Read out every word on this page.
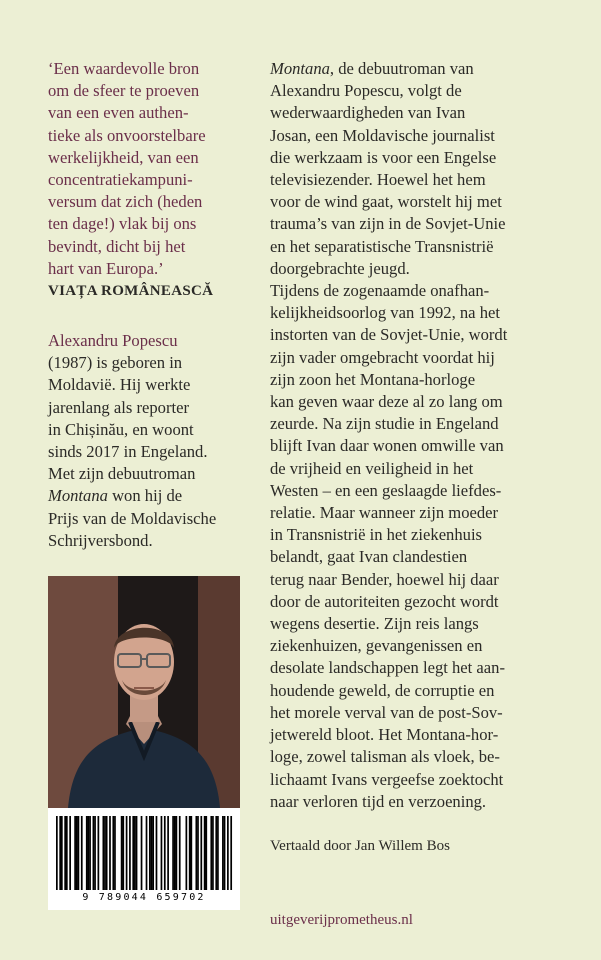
‘Een waardevolle bron
om de sfeer te proeven
van een even authen-
tieke als onvoorstelbare
werkelijkheid, van een
concentratiekampuni-
versum dat zich (heden
ten dage!) vlak bij ons
bevindt, dicht bij het
hart van Europa.’

VIAȚA ROMÂNEASCĂ

Alexandru Popescu
(1987) is geboren in
Moldavië. Hij werkte
jarenlang als reporter
in Chișinău, en woont
sinds 2017 in Engeland.
Met zijn debuutroman
Montana won hij de
Prijs van de Moldavische
Schrijversbond.

9 789044 659702

Montana, de debuutroman van
Alexandru Popescu, volgt de
wederwaardigheden van Ivan
Josan, een Moldavische journalist
die werkzaam is voor een Engelse
televisiezender. Hoewel het hem
voor de wind gaat, worstelt hij met
trauma’s van zijn in de Sovjet-Unie
en het separatistische Transnistrië
doorgebrachte jeugd.
Tijdens de zogenaamde onafhan-
kelijkheidsoorlog van 1992, na het
instorten van de Sovjet-Unie, wordt
zijn vader omgebracht voordat hij
zijn zoon het Montana-horloge
kan geven waar deze al zo lang om
zeurde. Na zijn studie in Engeland
blijft Ivan daar wonen omwille van
de vrijheid en veiligheid in het
Westen – en een geslaagde liefdes-
relatie. Maar wanneer zijn moeder
in Transnistrië in het ziekenhuis
belandt, gaat Ivan clandestien
terug naar Bender, hoewel hij daar
door de autoriteiten gezocht wordt
wegens desertie. Zijn reis langs
ziekenhuizen, gevangenissen en
desolate landschappen legt het aan-
houdende geweld, de corruptie en
het morele verval van de post-Sov-
jetwereld bloot. Het Montana-hor-
loge, zowel talisman als vloek, be-
lichaamt Ivans vergeefse zoektocht
naar verloren tijd en verzoening.

Vertaald door Jan Willem Bos

uitgeverijprometheus.nl
